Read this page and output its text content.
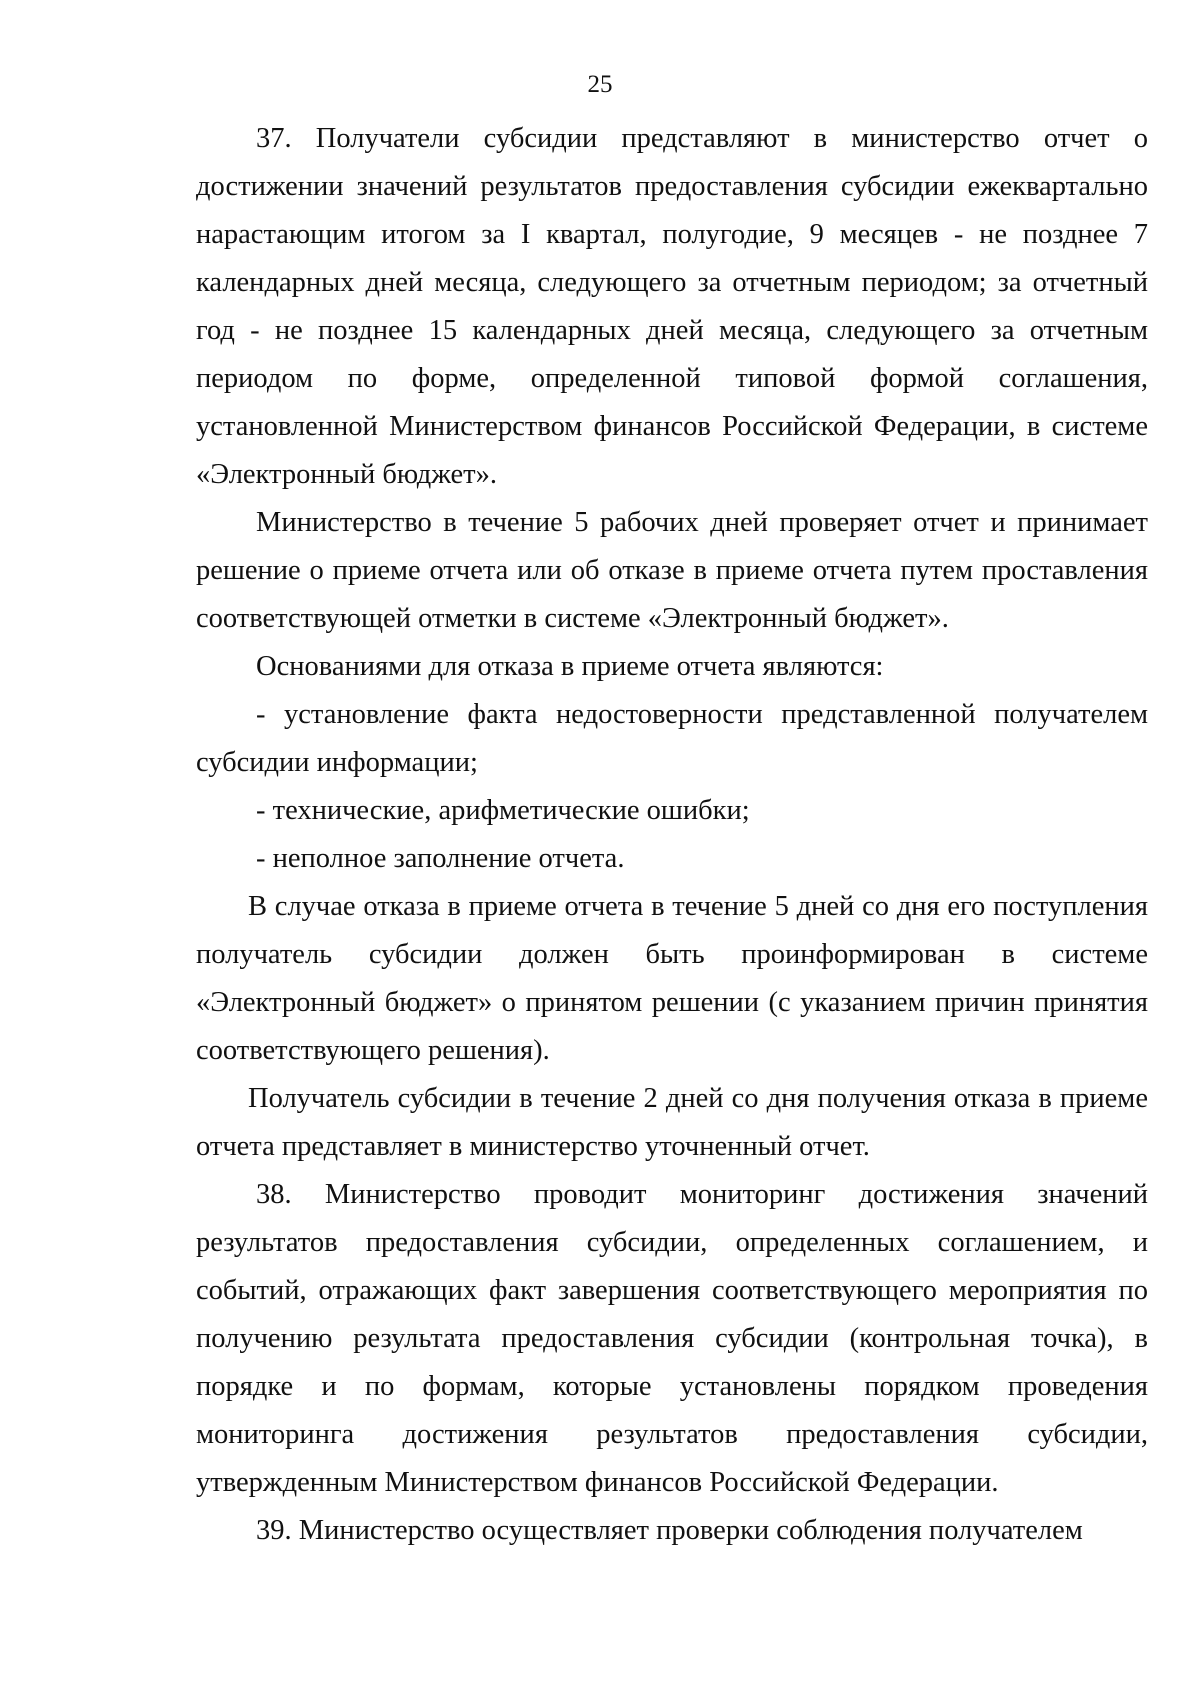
25

37. Получатели субсидии представляют в министерство отчет о достижении значений результатов предоставления субсидии ежеквартально нарастающим итогом за I квартал, полугодие, 9 месяцев - не позднее 7 календарных дней месяца, следующего за отчетным периодом; за отчетный год - не позднее 15 календарных дней месяца, следующего за отчетным периодом по форме, определенной типовой формой соглашения, установленной Министерством финансов Российской Федерации, в системе «Электронный бюджет».

Министерство в течение 5 рабочих дней проверяет отчет и принимает решение о приеме отчета или об отказе в приеме отчета путем проставления соответствующей отметки в системе «Электронный бюджет».

Основаниями для отказа в приеме отчета являются:

- установление факта недостоверности представленной получателем субсидии информации;

- технические, арифметические ошибки;

- неполное заполнение отчета.

В случае отказа в приеме отчета в течение 5 дней со дня его поступления получатель субсидии должен быть проинформирован в системе «Электронный бюджет» о принятом решении (с указанием причин принятия соответствующего решения).

Получатель субсидии в течение 2 дней со дня получения отказа в приеме отчета представляет в министерство уточненный отчет.

38. Министерство проводит мониторинг достижения значений результатов предоставления субсидии, определенных соглашением, и событий, отражающих факт завершения соответствующего мероприятия по получению результата предоставления субсидии (контрольная точка), в порядке и по формам, которые установлены порядком проведения мониторинга достижения результатов предоставления субсидии, утвержденным Министерством финансов Российской Федерации.

39. Министерство осуществляет проверки соблюдения получателем
